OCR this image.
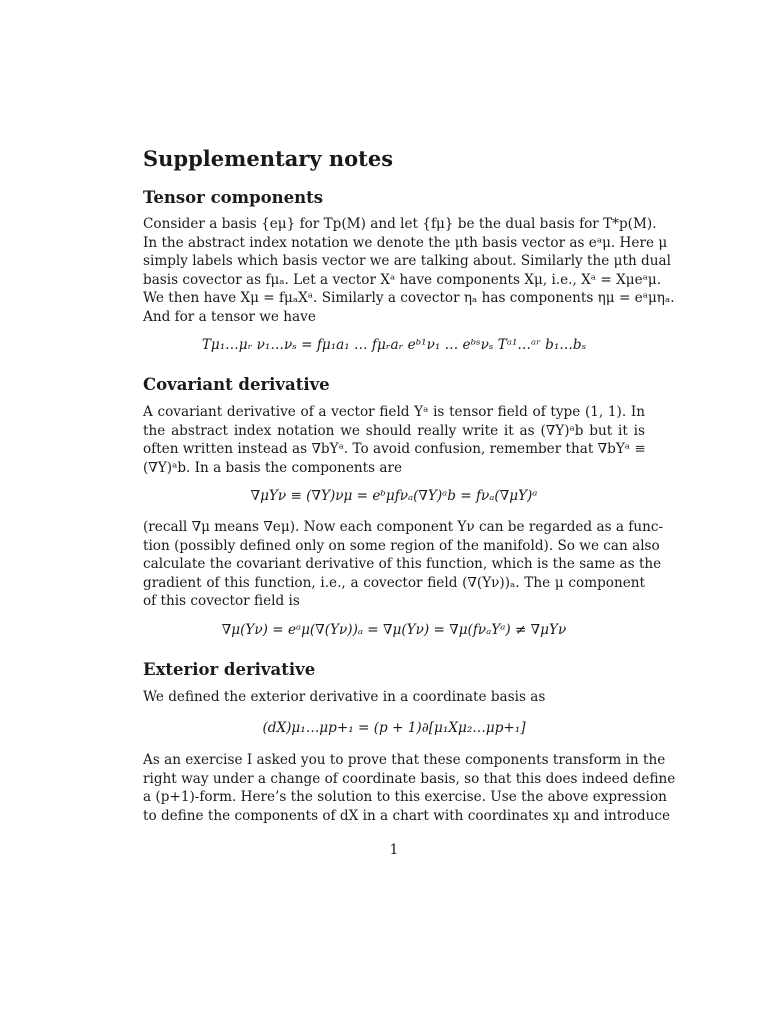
Supplementary notes
Tensor components
Consider a basis {eμ} for Tp(M) and let {fμ} be the dual basis for T*p(M).
In the abstract index notation we denote the μth basis vector as eᵃμ. Here μ
simply labels which basis vector we are talking about. Similarly the μth dual
basis covector as fμₐ. Let a vector Xᵃ have components Xμ, i.e., Xᵃ = Xμeᵃμ.
We then have Xμ = fμₐXᵃ. Similarly a covector ηₐ has components ημ = eᵃμηₐ.
And for a tensor we have
Tμ₁…μᵣ ν₁…νₛ = fμ₁a₁ … fμᵣaᵣ eᵇ¹ν₁ … eᵇˢνₛ Tᵃ¹…ᵃʳ b₁…bₛ
Covariant derivative
A covariant derivative of a vector field Yᵃ is tensor field of type (1, 1). In
the abstract index notation we should really write it as (∇Y)ᵃb but it is
often written instead as ∇bYᵃ. To avoid confusion, remember that ∇bYᵃ ≡
(∇Y)ᵃb. In a basis the components are
∇μYν ≡ (∇Y)νμ = eᵇμfνₐ(∇Y)ᵃb = fνₐ(∇μY)ᵃ
(recall ∇μ means ∇eμ). Now each component Yν can be regarded as a func-
tion (possibly defined only on some region of the manifold). So we can also
calculate the covariant derivative of this function, which is the same as the
gradient of this function, i.e., a covector field (∇(Yν))ₐ. The μ component
of this covector field is
∇μ(Yν) = eᵃμ(∇(Yν))ₐ = ∇μ(Yν) = ∇μ(fνₐYᵃ) ≠ ∇μYν
Exterior derivative
We defined the exterior derivative in a coordinate basis as
(dX)μ₁…μp+₁ = (p + 1)∂[μ₁Xμ₂…μp+₁]
As an exercise I asked you to prove that these components transform in the
right way under a change of coordinate basis, so that this does indeed define
a (p+1)-form. Here’s the solution to this exercise. Use the above expression
to define the components of dX in a chart with coordinates xμ and introduce
1
